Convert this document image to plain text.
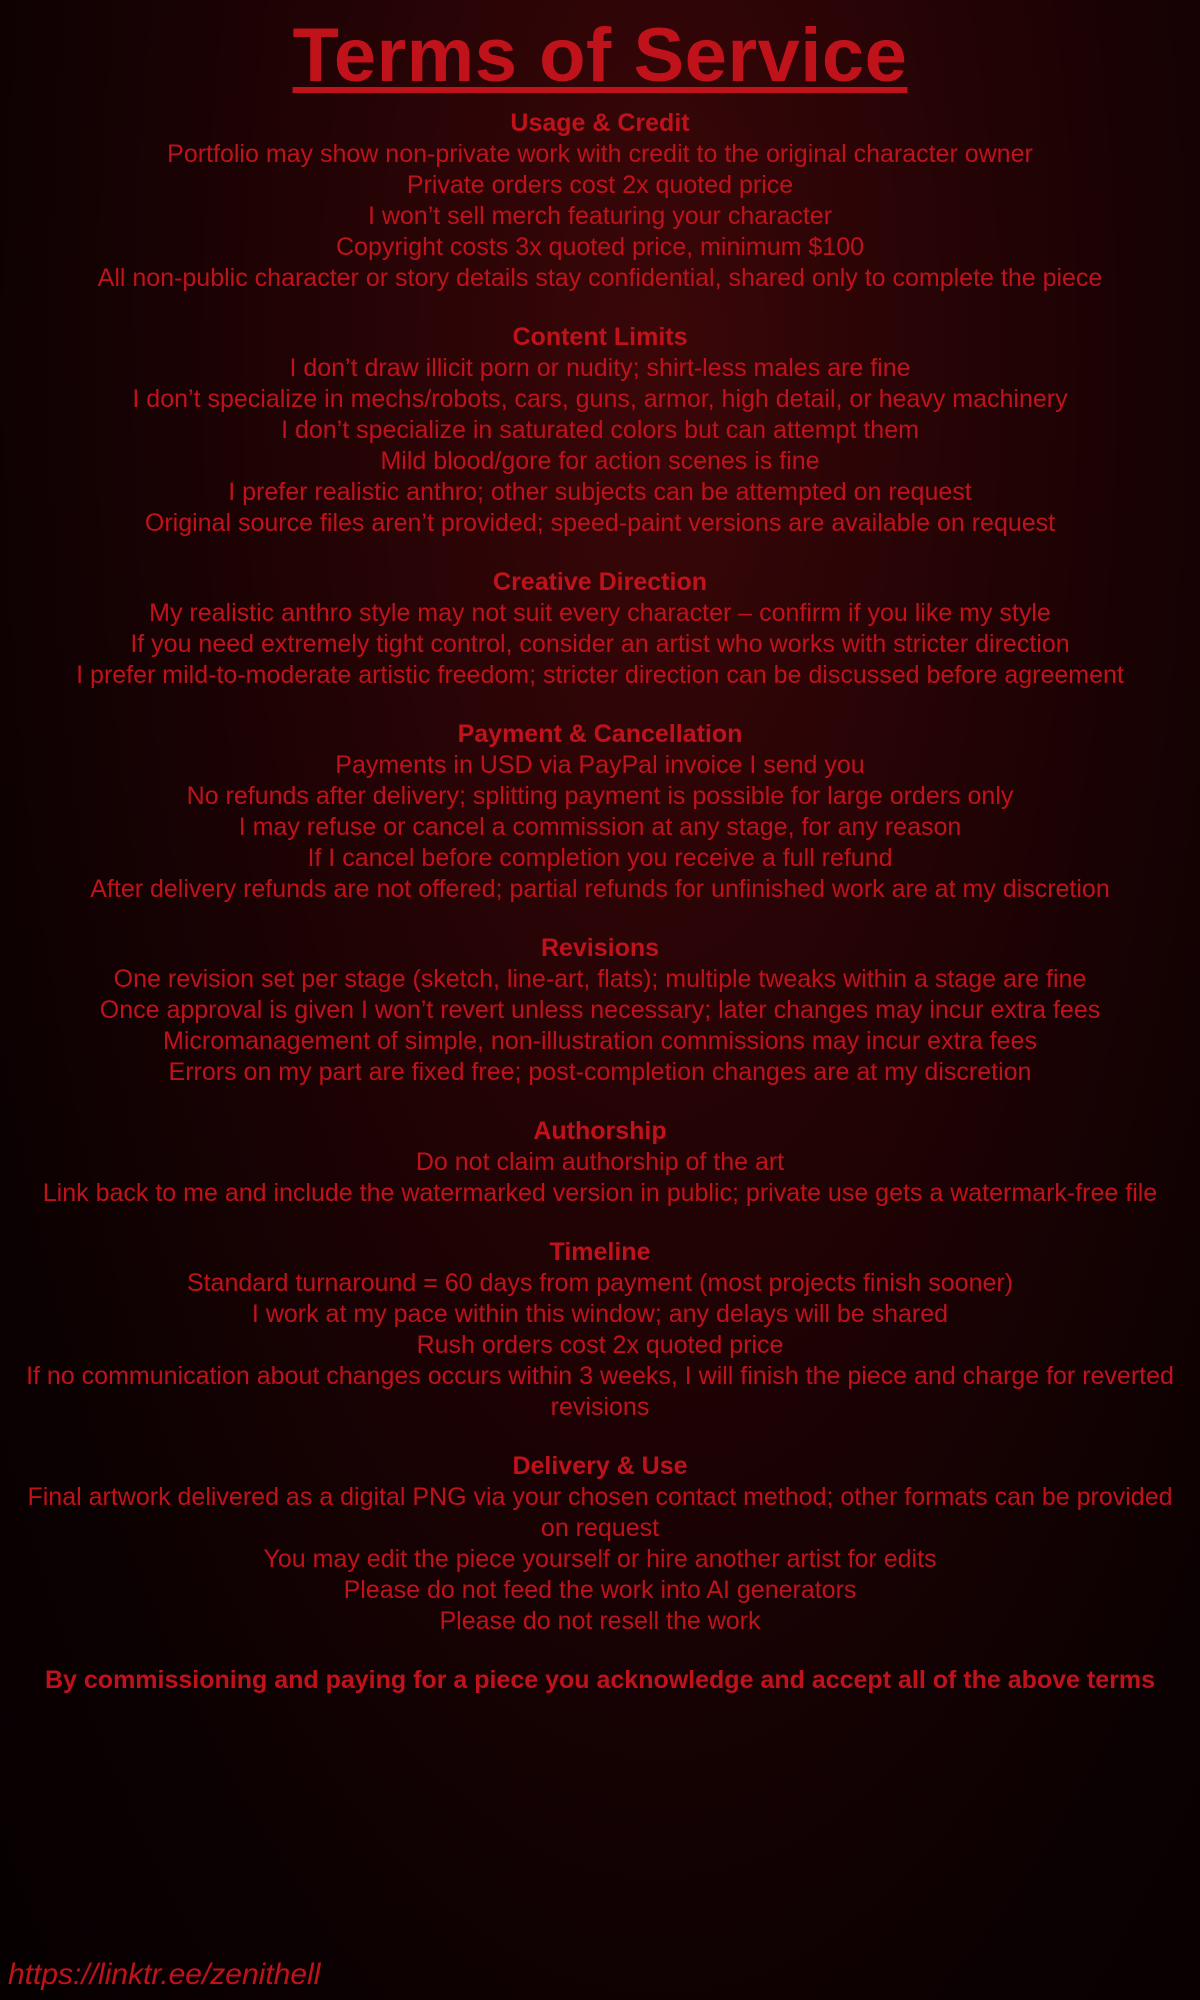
Terms of Service
Usage & Credit
Portfolio may show non-private work with credit to the original character owner
Private orders cost 2x quoted price
I won’t sell merch featuring your character
Copyright costs 3x quoted price, minimum $100
All non-public character or story details stay confidential, shared only to complete the piece
Content Limits
I don’t draw illicit porn or nudity; shirt-less males are fine
I don’t specialize in mechs/robots, cars, guns, armor, high detail, or heavy machinery
I don’t specialize in saturated colors but can attempt them
Mild blood/gore for action scenes is fine
I prefer realistic anthro; other subjects can be attempted on request
Original source files aren’t provided; speed-paint versions are available on request
Creative Direction
My realistic anthro style may not suit every character – confirm if you like my style
If you need extremely tight control, consider an artist who works with stricter direction
I prefer mild-to-moderate artistic freedom; stricter direction can be discussed before agreement
Payment & Cancellation
Payments in USD via PayPal invoice I send you
No refunds after delivery; splitting payment is possible for large orders only
I may refuse or cancel a commission at any stage, for any reason
If I cancel before completion you receive a full refund
After delivery refunds are not offered; partial refunds for unfinished work are at my discretion
Revisions
One revision set per stage (sketch, line-art, flats); multiple tweaks within a stage are fine
Once approval is given I won’t revert unless necessary; later changes may incur extra fees
Micromanagement of simple, non-illustration commissions may incur extra fees
Errors on my part are fixed free; post-completion changes are at my discretion
Authorship
Do not claim authorship of the art
Link back to me and include the watermarked version in public; private use gets a watermark-free file
Timeline
Standard turnaround = 60 days from payment (most projects finish sooner)
I work at my pace within this window; any delays will be shared
Rush orders cost 2x quoted price
If no communication about changes occurs within 3 weeks, I will finish the piece and charge for reverted revisions
Delivery & Use
Final artwork delivered as a digital PNG via your chosen contact method; other formats can be provided on request
You may edit the piece yourself or hire another artist for edits
Please do not feed the work into AI generators
Please do not resell the work
By commissioning and paying for a piece you acknowledge and accept all of the above terms
https://linktr.ee/zenithell
